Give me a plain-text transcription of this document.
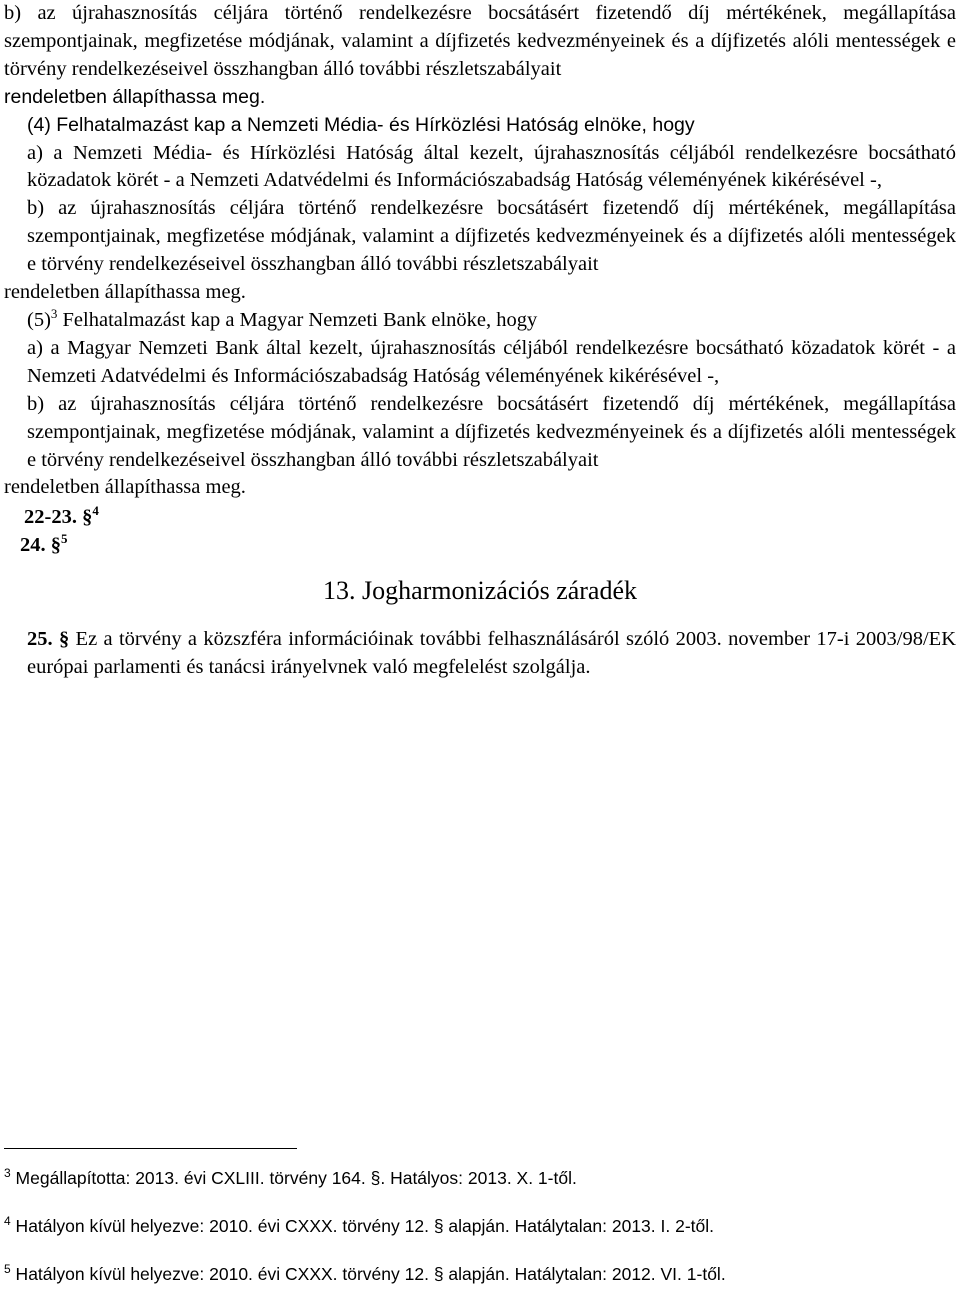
b) az újrahasznosítás céljára történő rendelkezésre bocsátásért fizetendő díj mértékének, megállapítása szempontjainak, megfizetése módjának, valamint a díjfizetés kedvezményeinek és a díjfizetés alóli mentességek e törvény rendelkezéseivel összhangban álló további részletszabályait

rendeletben állapíthassa meg.

(4) Felhatalmazást kap a Nemzeti Média- és Hírközlési Hatóság elnöke, hogy

a) a Nemzeti Média- és Hírközlési Hatóság által kezelt, újrahasznosítás céljából rendelkezésre bocsátható közadatok körét - a Nemzeti Adatvédelmi és Információszabadság Hatóság véleményének kikérésével -,

b) az újrahasznosítás céljára történő rendelkezésre bocsátásért fizetendő díj mértékének, megállapítása szempontjainak, megfizetése módjának, valamint a díjfizetés kedvezményeinek és a díjfizetés alóli mentességek e törvény rendelkezéseivel összhangban álló további részletszabályait

rendeletben állapíthassa meg.

$(5)^3$ Felhatalmazást kap a Magyar Nemzeti Bank elnöke, hogy

a) a Magyar Nemzeti Bank által kezelt, újrahasznosítás céljából rendelkezésre bocsátható közadatok körét - a Nemzeti Adatvédelmi és Információszabadság Hatóság véleményének kikérésével -,

b) az újrahasznosítás céljára történő rendelkezésre bocsátásért fizetendő díj mértékének, megállapítása szempontjainak, megfizetése módjának, valamint a díjfizetés kedvezményeinek és a díjfizetés alóli mentességek e törvény rendelkezéseivel összhangban álló további részletszabályait

rendeletben állapíthassa meg.

22-23. §$^4$

24. §$^5$

13. Jogharmonizációs záradék

25. § Ez a törvény a közszféra információinak további felhasználásáról szóló 2003. november 17-i 2003/98/EK európai parlamenti és tanácsi irányelvnek való megfelelést szolgálja.

$^3$ Megállapította: 2013. évi CXLIII. törvény 164. §. Hatályos: 2013. X. 1-től.

$^4$ Hatályon kívül helyezve: 2010. évi CXXX. törvény 12. § alapján. Hatálytalan: 2013. I. 2-től.

$^5$ Hatályon kívül helyezve: 2010. évi CXXX. törvény 12. § alapján. Hatálytalan: 2012. VI. 1-től.
